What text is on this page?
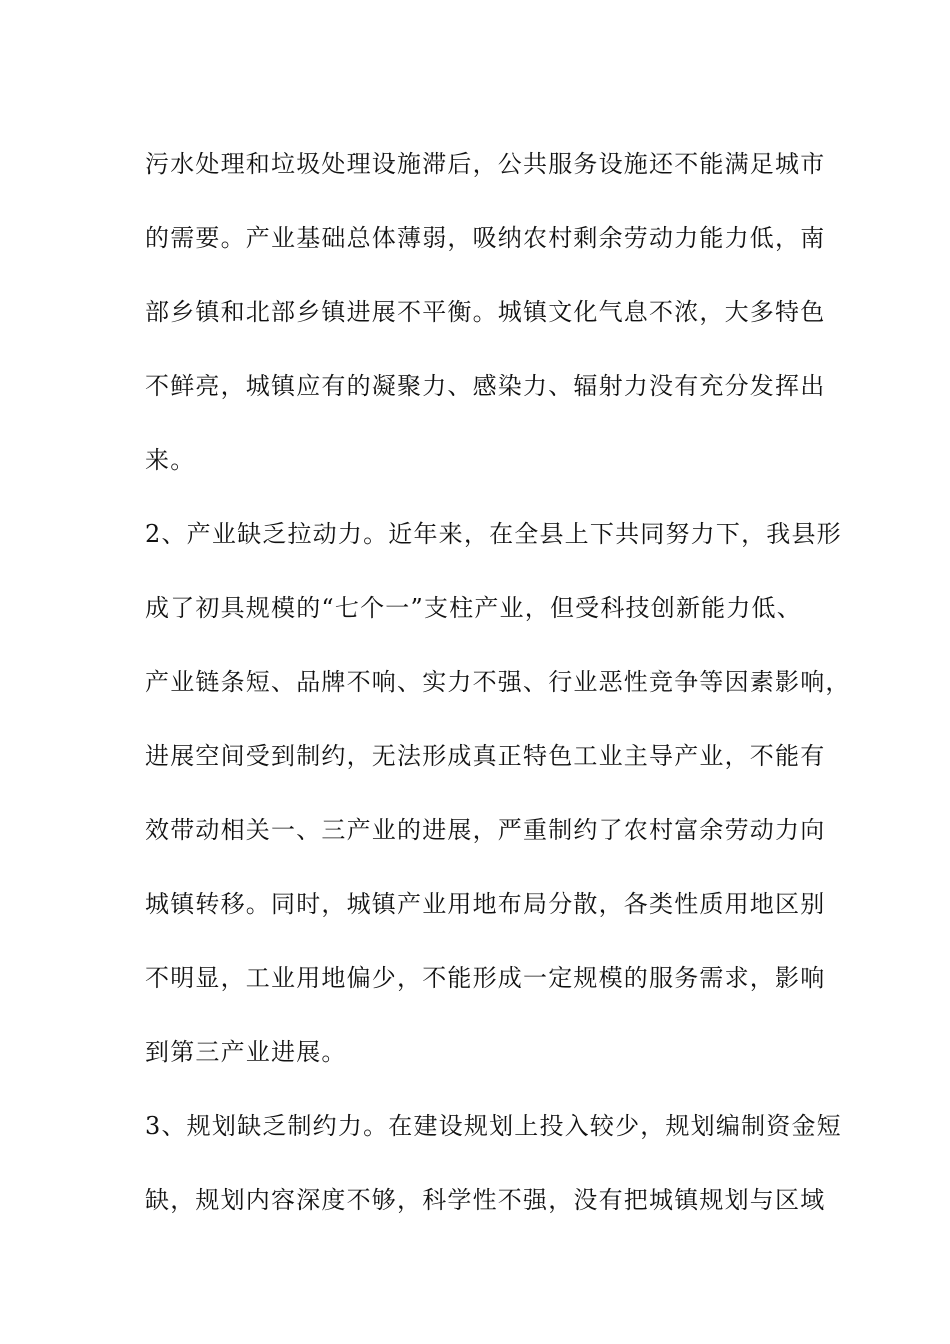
污水处理和垃圾处理设施滞后，公共服务设施还不能满足城市
的需要。产业基础总体薄弱，吸纳农村剩余劳动力能力低，南
部乡镇和北部乡镇进展不平衡。城镇文化气息不浓，大多特色
不鲜亮，城镇应有的凝聚力、感染力、辐射力没有充分发挥出
来。
2、产业缺乏拉动力。近年来，在全县上下共同努力下，我县形
成了初具规模的“七个一”支柱产业，但受科技创新能力低、
产业链条短、品牌不响、实力不强、行业恶性竞争等因素影响，
进展空间受到制约，无法形成真正特色工业主导产业，不能有
效带动相关一、三产业的进展，严重制约了农村富余劳动力向
城镇转移。同时，城镇产业用地布局分散，各类性质用地区别
不明显，工业用地偏少，不能形成一定规模的服务需求，影响
到第三产业进展。
3、规划缺乏制约力。在建设规划上投入较少，规划编制资金短
缺，规划内容深度不够，科学性不强，没有把城镇规划与区域
